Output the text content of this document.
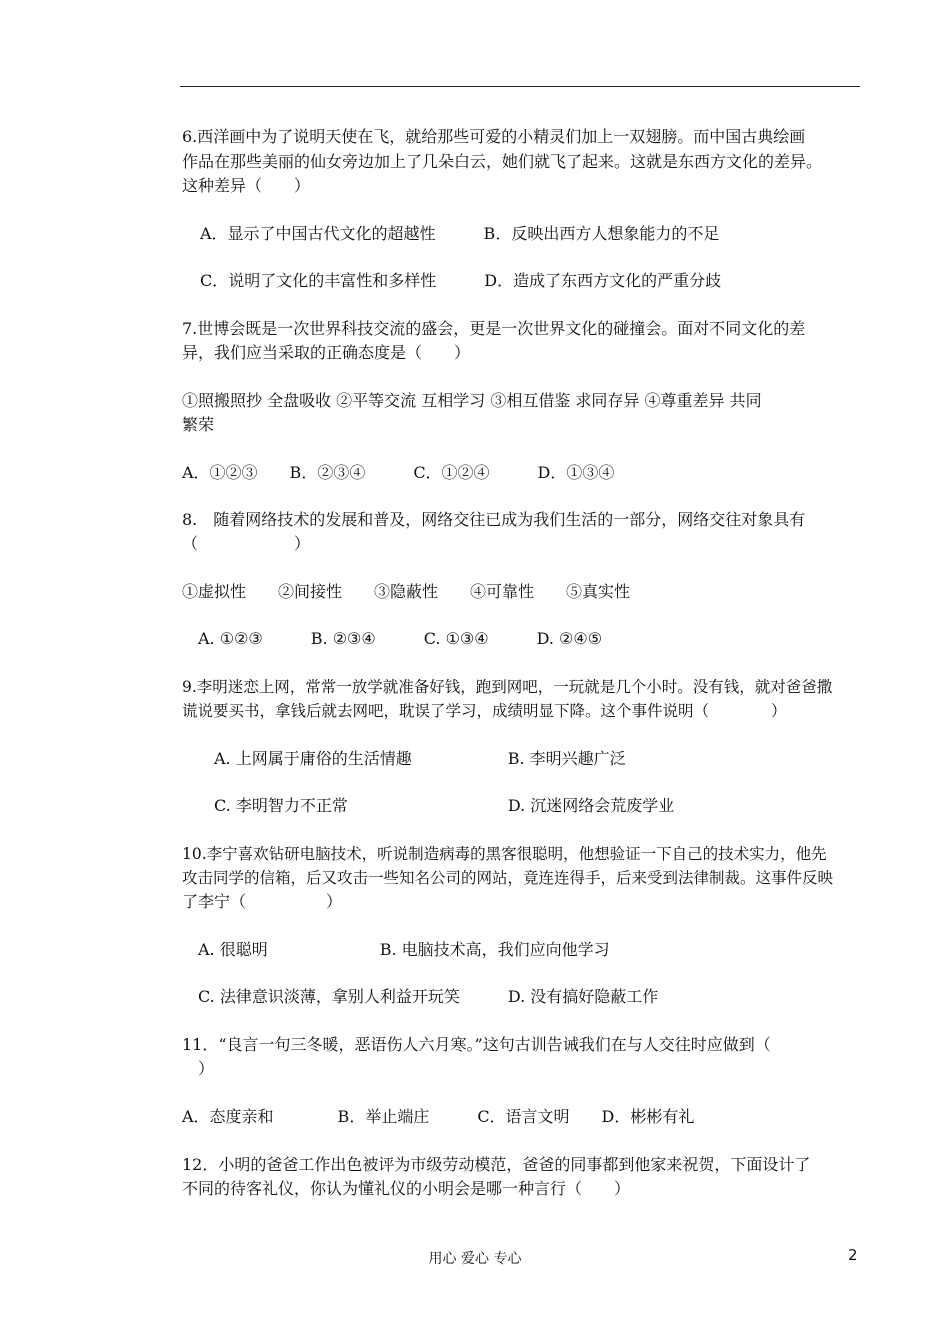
6.西洋画中为了说明天使在飞，就给那些可爱的小精灵们加上一双翅膀。而中国古典绘画
作品在那些美丽的仙女旁边加上了几朵白云，她们就飞了起来。这就是东西方文化的差异。
这种差异（　　）
A．显示了中国古代文化的超越性　　　B．反映出西方人想象能力的不足
C．说明了文化的丰富性和多样性　　　D．造成了东西方文化的严重分歧
7.世博会既是一次世界科技交流的盛会，更是一次世界文化的碰撞会。面对不同文化的差
异，我们应当采取的正确态度是（　　）
①照搬照抄 全盘吸收 ②平等交流 互相学习 ③相互借鉴 求同存异 ④尊重差异 共同
繁荣
A．①②③　　B．②③④　　　C．①②④　　　D．①③④
8.　随着网络技术的发展和普及，网络交往已成为我们生活的一部分，网络交往对象具有
（　　　　　　）
①虚拟性　　②间接性　　③隐蔽性　　④可靠性　　⑤真实性
A. ①②③　　　B. ②③④　　　C. ①③④　　　D. ②④⑤
9.李明迷恋上网，常常一放学就准备好钱，跑到网吧，一玩就是几个小时。没有钱，就对爸爸撒
谎说要买书，拿钱后就去网吧，耽误了学习，成绩明显下降。这个事件说明（　　　　）
A. 上网属于庸俗的生活情趣　　　　　　B. 李明兴趣广泛
C. 李明智力不正常　　　　　　　　　　D. 沉迷网络会荒废学业
10.李宁喜欢钻研电脑技术，听说制造病毒的黑客很聪明，他想验证一下自己的技术实力，他先
攻击同学的信箱，后又攻击一些知名公司的网站，竟连连得手，后来受到法律制裁。这事件反映
了李宁（　　　　　）
A. 很聪明　　　　　　　B. 电脑技术高，我们应向他学习
C. 法律意识淡薄，拿别人利益开玩笑　　　D. 没有搞好隐蔽工作
11．“良言一句三冬暖，恶语伤人六月寒。”这句古训告诫我们在与人交往时应做到（
）
A．态度亲和　　　　B．举止端庄　　　C．语言文明　　D．彬彬有礼
12．小明的爸爸工作出色被评为市级劳动模范，爸爸的同事都到他家来祝贺，下面设计了
不同的待客礼仪，你认为懂礼仪的小明会是哪一种言行（　　）
用心 爱心 专心	2
